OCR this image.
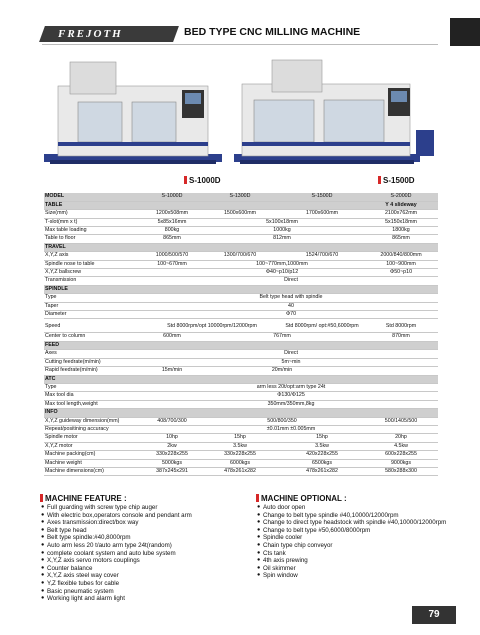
FREJOTH	BED TYPE CNC MILLING MACHINE
S-1000D	S-1500D
MODEL	S-1000D	S-1300D	S-1500D	S-2000D
TABLE				Y 4 slideway
Size(mm)	1200x508mm	1500x600mm	1700x600mm	2100x762mm
T-slot(mm x t)	5x85x16mm	5x100x18mm		5x150x18mm
Max table loading	800kg	1000kg		1800kg
Table to floor	865mm	812mm		865mm
TRAVEL				
X,Y,Z axis	1000/500/570	1300/700/670	1524/700/670	2000/840/800mm
Spindle nose to table	100~670mm	100~770mm,1000mm		100~900mm
X,Y,Z ballscrew		Φ40~p10/p12		Φ50~p10
Transmission	Direct			
SPINDLE				
Type	Belt type head with spindle			
Taper	40			
Diameter	Φ70			
Speed	Std 8000rpm/opt 10000rpm/12000rpm		Std 8000rpm/ opt:#50,6000rpm	Std 8000rpm
Center to column	600mm	767mm		870mm
FEED				
Axes	Direct			
Cutting feedrate(m/min)	5m~min			
Rapid feedrate(m/min)	15m/min	20m/min		
ATC				
Type	arm less 20t/opt:arm type 24t			
Max tool dia	Φ130/Φ125			
Max tool length,weight	350mm/350mm,8kg			
INFO				
X,Y,Z guideway dimension(mm)	408/700/300	500/800/350		500/1405/500
Repeat/positining accuracy	±0.01mm ±0.005mm			
Spindle motor	10hp	15hp	15hp	20hp
X,Y,Z motor	2kw	3.5kw	3.5kw	4.5kw
Machine packing(cm)	330x228x255	330x228x255	420x228x255	600x228x255
Machine weight	5000kgs	6000kgs	6500kgs	9000kgs
Machine dimensions(cm)	387x245x291	478x261x282	478x261x282	580x288x300
MACHINE FEATURE :
● Full guarding with screw type chip auger
● With electric box,operators console and pendant arm
● Axes transmission:direct/box way
● Belt type head
● Belt type spindle:#40,8000rpm
● Auto arm less 20 t/auto arm type 24t(random)
● complete coolant system and auto lube system
● X,Y,Z axis servo motors couplings
● Counter balance
● X,Y,Z axis steel way cover
● Y,Z flexible tubes for cable
● Basic pneumatic system
● Working light and alarm light
MACHINE OPTIONAL :
● Auto door open
● Change to belt type spindle #40,10000/12000rpm
● Change to direct type headstock with spindle #40,10000/12000rpm
● Change to belt type #50,6000/8000rpm
● Spindle cooler
● Chain type chip conveyor
● Cts tank
● 4th axis prewing
● Oil skimmer
● Spin window
79
